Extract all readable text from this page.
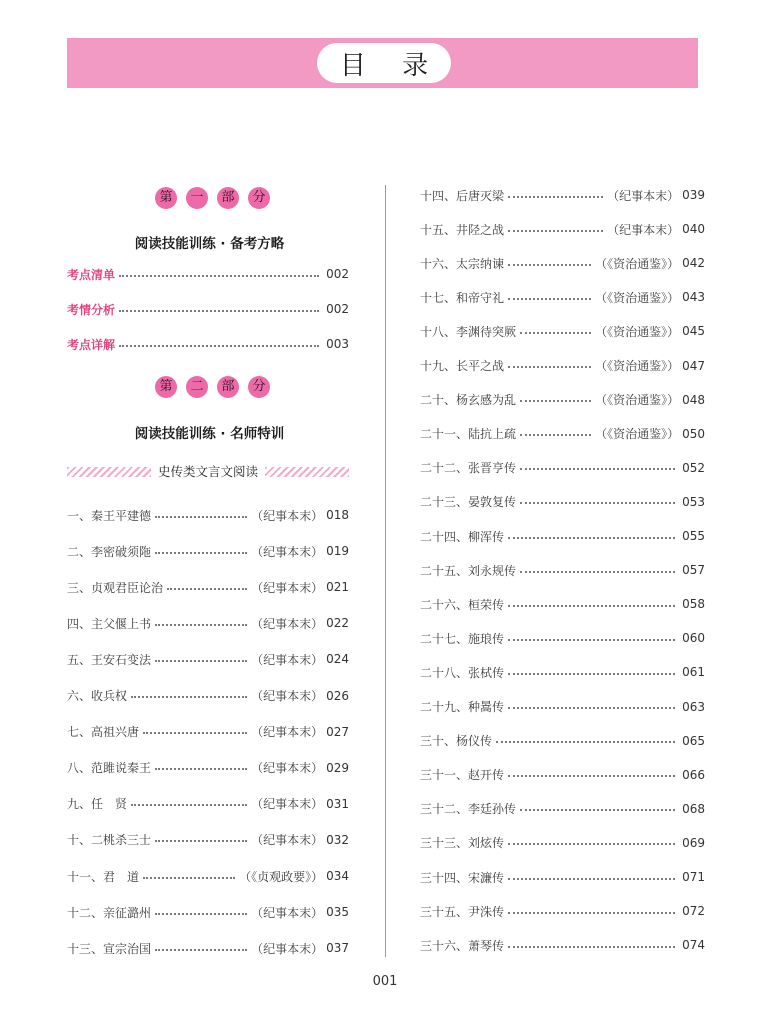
目 录
第	一	部	分
阅读技能训练 · 备考方略
考点清单	002
考情分析	002
考点详解	003
第	二	部	分
阅读技能训练 · 名师特训
史传类文言文阅读
一、秦王平建德	（纪事本末） 018
二、李密破须陁	（纪事本末） 019
三、贞观君臣论治	（纪事本末） 021
四、主父偃上书	（纪事本末） 022
五、王安石变法	（纪事本末） 024
六、收兵权	（纪事本末） 026
七、高祖兴唐	（纪事本末） 027
八、范雎说秦王	（纪事本末） 029
九、任　贤	（纪事本末） 031
十、二桃杀三士	（纪事本末） 032
十一、君　道	（《贞观政要》） 034
十二、亲征潞州	（纪事本末） 035
十三、宣宗治国	（纪事本末） 037
十四、后唐灭梁	（纪事本末） 039
十五、井陉之战	（纪事本末） 040
十六、太宗纳谏	（《资治通鉴》） 042
十七、和帝守礼	（《资治通鉴》） 043
十八、李渊待突厥	（《资治通鉴》） 045
十九、长平之战	（《资治通鉴》） 047
二十、杨玄感为乱	（《资治通鉴》） 048
二十一、陆抗上疏	（《资治通鉴》） 050
二十二、张晋亨传	052
二十三、晏敦复传	053
二十四、柳浑传	055
二十五、刘永规传	057
二十六、桓荣传	058
二十七、施琅传	060
二十八、张栻传	061
二十九、种暠传	063
三十、杨仪传	065
三十一、赵开传	066
三十二、李廷孙传	068
三十三、刘炫传	069
三十四、宋濂传	071
三十五、尹洙传	072
三十六、萧琴传	074
001
